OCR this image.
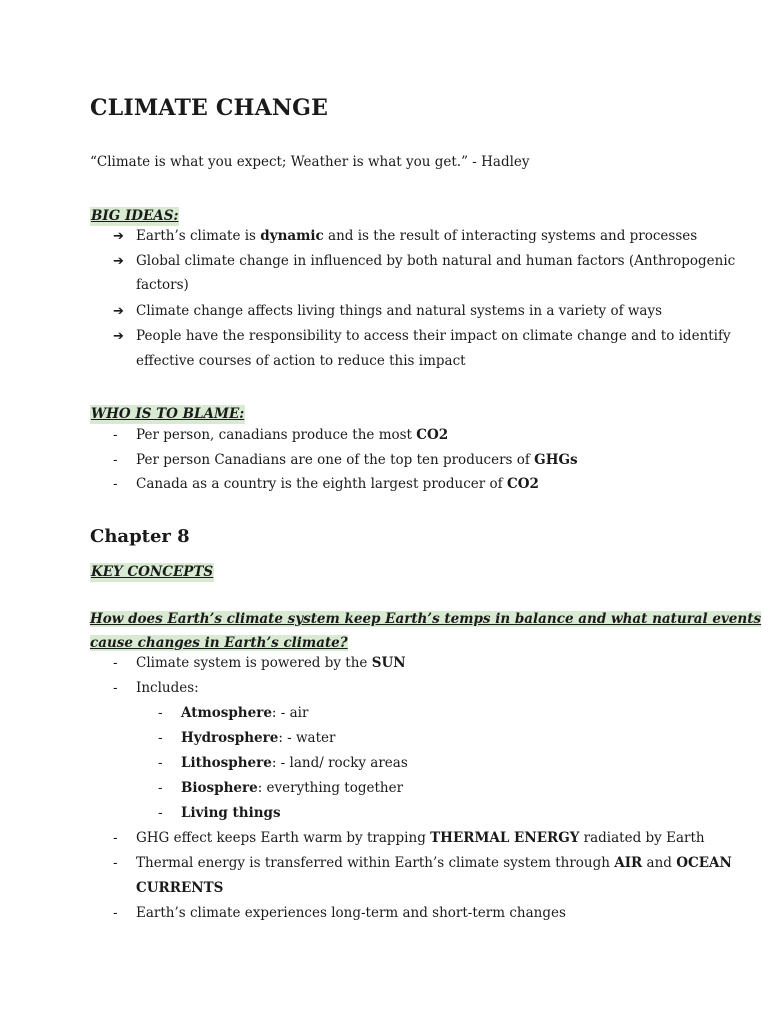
CLIMATE CHANGE
“Climate is what you expect; Weather is what you get.” - Hadley
BIG IDEAS:
➔ Earth’s climate is dynamic and is the result of interacting systems and processes
➔ Global climate change in influenced by both natural and human factors (Anthropogenic
factors)
➔ Climate change affects living things and natural systems in a variety of ways
➔ People have the responsibility to access their impact on climate change and to identify
effective courses of action to reduce this impact
WHO IS TO BLAME:
- Per person, canadians produce the most CO2
- Per person Canadians are one of the top ten producers of GHGs
- Canada as a country is the eighth largest producer of CO2
Chapter 8
KEY CONCEPTS
How does Earth’s climate system keep Earth’s temps in balance and what natural events
cause changes in Earth’s climate?
- Climate system is powered by the SUN
- Includes:
- Atmosphere: - air
- Hydrosphere: - water
- Lithosphere: - land/ rocky areas
- Biosphere: everything together
- Living things
- GHG effect keeps Earth warm by trapping THERMAL ENERGY radiated by Earth
- Thermal energy is transferred within Earth’s climate system through AIR and OCEAN
CURRENTS
- Earth’s climate experiences long-term and short-term changes
